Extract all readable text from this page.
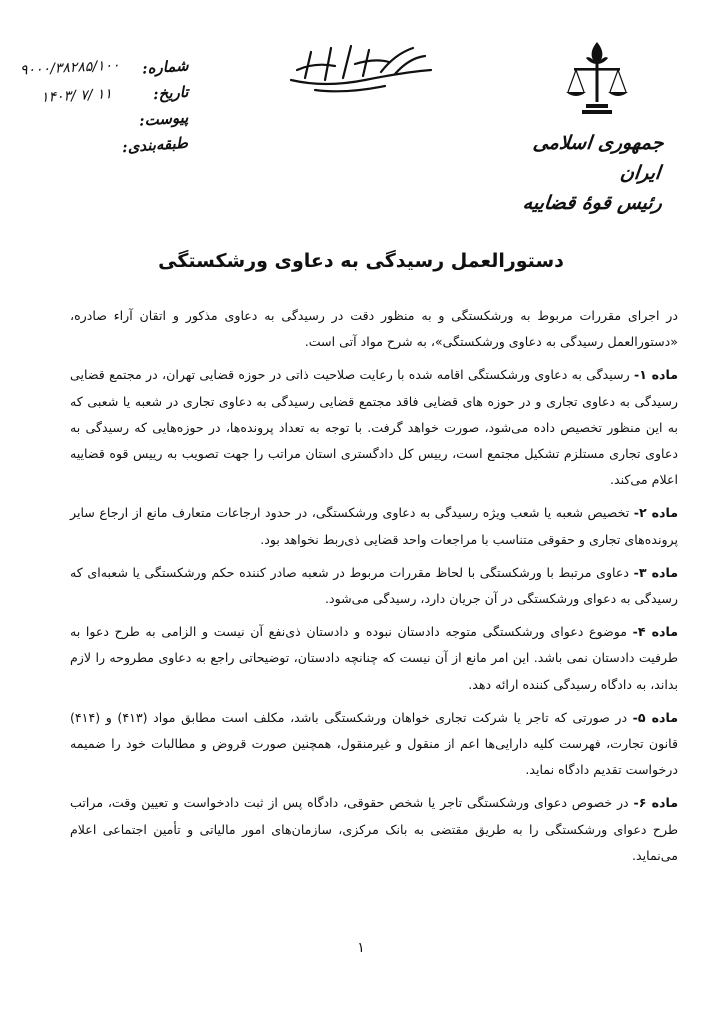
جمهوری اسلامی ایران
رئیس قوهٔ قضاییه
شماره:
۹۰۰۰/۳۸۲۸۵/۱۰۰
تاریخ:
۱۴۰۳/ ۷/ ۱۱
پیوست:
طبقه‌بندی:
دستورالعمل رسیدگی به دعاوی ورشکستگی

در اجرای مقررات مربوط به ورشکستگی و به منظور دقت در رسیدگی به دعاوی مذکور و اتقان آراء صادره، «دستورالعمل رسیدگی به دعاوی ورشکستگی»، به شرح مواد آتی است.

ماده ۱- رسیدگی به دعاوی ورشکستگی اقامه شده با رعایت صلاحیت ذاتی در حوزه قضایی تهران، در مجتمع قضایی رسیدگی به دعاوی تجاری و در حوزه های قضایی فاقد مجتمع قضایی رسیدگی به دعاوی تجاری در شعبه یا شعبی که به این منظور تخصیص داده می‌شود، صورت خواهد گرفت. با توجه به تعداد پرونده‌ها، در حوزه‌هایی که رسیدگی به دعاوی تجاری مستلزم تشکیل مجتمع است، رییس کل دادگستری استان مراتب را جهت تصویب به رییس قوه قضاییه اعلام می‌کند.

ماده ۲- تخصیص شعبه یا شعب ویژه رسیدگی به دعاوی ورشکستگی، در حدود ارجاعات متعارف مانع از ارجاع سایر پرونده‌های تجاری و حقوقی متناسب با مراجعات واحد قضایی ذی‌ربط نخواهد بود.

ماده ۳- دعاوی مرتبط با ورشکستگی با لحاظ مقررات مربوط در شعبه صادر کننده حکم ورشکستگی یا شعبه‌ای که رسیدگی به دعوای ورشکستگی در آن جریان دارد، رسیدگی می‌شود.

ماده ۴- موضوع دعوای ورشکستگی متوجه دادستان نبوده و دادستان ذی‌نفع آن نیست و الزامی به طرح دعوا به طرفیت دادستان نمی باشد. این امر مانع از آن نیست که چنانچه دادستان، توضیحاتی راجع به دعاوی مطروحه را لازم بداند، به دادگاه رسیدگی کننده ارائه دهد.

ماده ۵- در صورتی که تاجر یا شرکت تجاری خواهان ورشکستگی باشد، مکلف است مطابق مواد (۴۱۳) و (۴۱۴) قانون تجارت، فهرست کلیه دارایی‌ها اعم از منقول و غیرمنقول، همچنین صورت قروض و مطالبات خود را ضمیمه درخواست تقدیم دادگاه نماید.

ماده ۶- در خصوص دعوای ورشکستگی تاجر یا شخص حقوقی، دادگاه پس از ثبت دادخواست و تعیین وقت، مراتب طرح دعوای ورشکستگی را به طریق مقتضی به بانک مرکزی، سازمان‌های امور مالیاتی و تأمین اجتماعی اعلام می‌نماید.

۱
